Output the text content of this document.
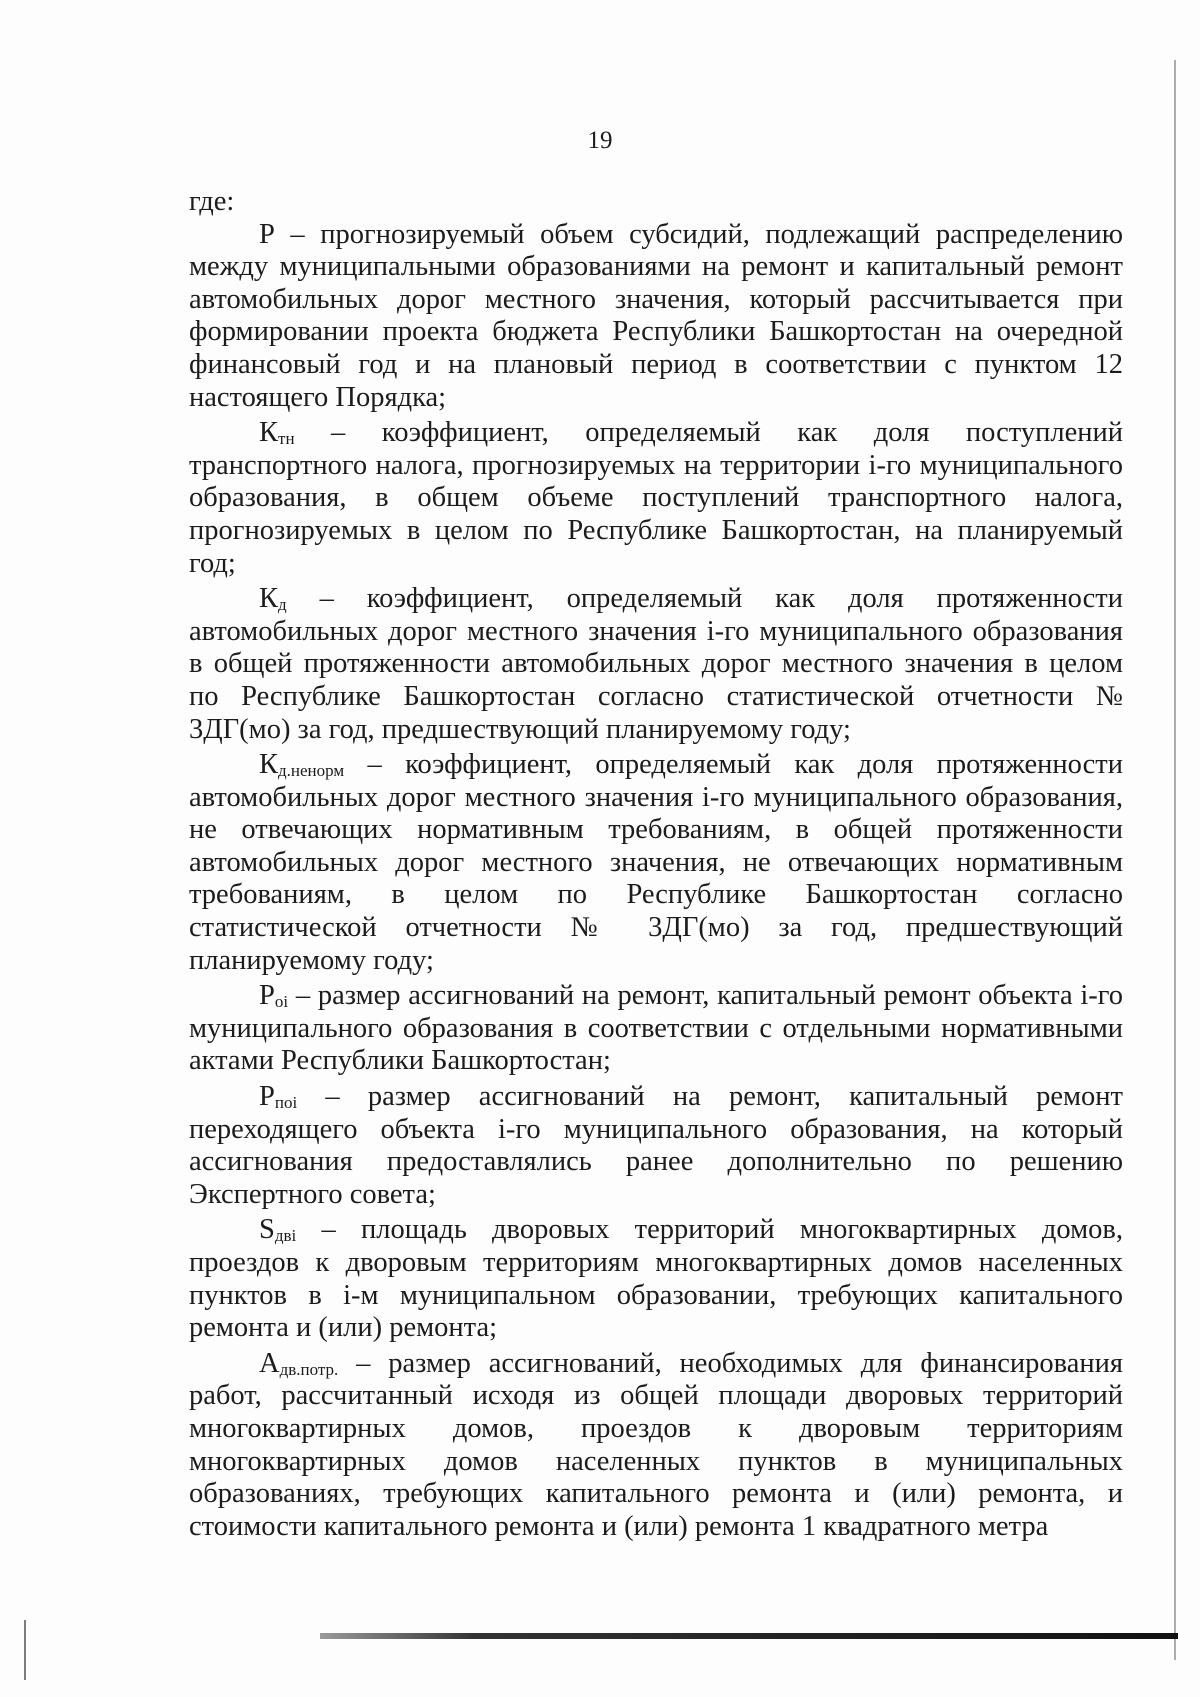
19

где:

Р – прогнозируемый объем субсидий, подлежащий распределению между муниципальными образованиями на ремонт и капитальный ремонт автомобильных дорог местного значения, который рассчитывается при формировании проекта бюджета Республики Башкортостан на очередной финансовый год и на плановый период в соответствии с пунктом 12 настоящего Порядка;

$К_{тн}$ – коэффициент, определяемый как доля поступлений транспортного налога, прогнозируемых на территории i-го муниципального образования, в общем объеме поступлений транспортного налога, прогнозируемых в целом по Республике Башкортостан, на планируемый год;

$К_д$ – коэффициент, определяемый как доля протяженности автомобильных дорог местного значения i-го муниципального образования в общей протяженности автомобильных дорог местного значения в целом по Республике Башкортостан согласно статистической отчетности № 3ДГ(мо) за год, предшествующий планируемому году;

$К_{д.ненорм}$ – коэффициент, определяемый как доля протяженности автомобильных дорог местного значения i-го муниципального образования, не отвечающих нормативным требованиям, в общей протяженности автомобильных дорог местного значения, не отвечающих нормативным требованиям, в целом по Республике Башкортостан согласно статистической отчетности № 3ДГ(мо) за год, предшествующий планируемому году;

$Р_{оi}$ – размер ассигнований на ремонт, капитальный ремонт объекта i-го муниципального образования в соответствии с отдельными нормативными актами Республики Башкортостан;

$Р_{поi}$ – размер ассигнований на ремонт, капитальный ремонт переходящего объекта i-го муниципального образования, на который ассигнования предоставлялись ранее дополнительно по решению Экспертного совета;

$S_{двi}$ – площадь дворовых территорий многоквартирных домов, проездов к дворовым территориям многоквартирных домов населенных пунктов в i-м муниципальном образовании, требующих капитального ремонта и (или) ремонта;

$А_{дв.потр.}$ – размер ассигнований, необходимых для финансирования работ, рассчитанный исходя из общей площади дворовых территорий многоквартирных домов, проездов к дворовым территориям многоквартирных домов населенных пунктов в муниципальных образованиях, требующих капитального ремонта и (или) ремонта, и стоимости капитального ремонта и (или) ремонта 1 квадратного метра
